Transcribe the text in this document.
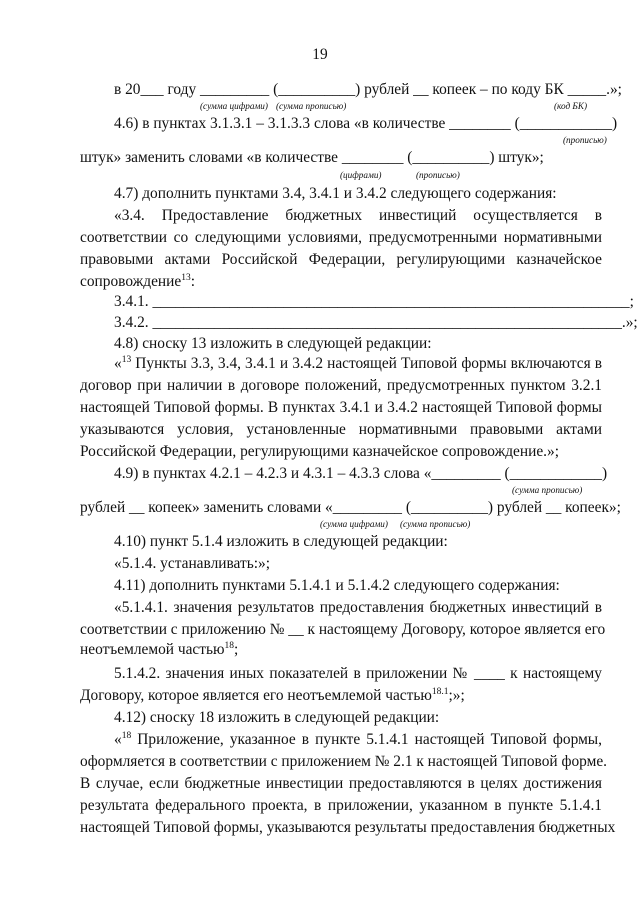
19
в 20___ году _________ (__________) рублей __ копеек – по коду БК _____.»;
(сумма цифрами) (сумма прописью)	(код БК)
4.6) в пунктах 3.1.3.1 – 3.1.3.3 слова «в количестве ________ (____________)
(прописью)
штук» заменить словами «в количестве ________ (__________) штук»;
(цифрами)	(прописью)
4.7) дополнить пунктами 3.4, 3.4.1 и 3.4.2 следующего содержания:
«3.4. Предоставление бюджетных инвестиций осуществляется в
соответствии со следующими условиями, предусмотренными нормативными
правовыми актами Российской Федерации, регулирующими казначейское
сопровождение$^{13}$:
3.4.1. ______________________________________________________________;
3.4.2. _____________________________________________________________.»;
4.8) сноску 13 изложить в следующей редакции:
«$^{13}$ Пункты 3.3, 3.4, 3.4.1 и 3.4.2 настоящей Типовой формы включаются в
договор при наличии в договоре положений, предусмотренных пунктом 3.2.1
настоящей Типовой формы. В пунктах 3.4.1 и 3.4.2 настоящей Типовой формы
указываются условия, установленные нормативными правовыми актами
Российской Федерации, регулирующими казначейское сопровождение.»;
4.9) в пунктах 4.2.1 – 4.2.3 и 4.3.1 – 4.3.3 слова «_________ (____________)
(сумма прописью)
рублей __ копеек» заменить словами «_________ (__________) рублей __ копеек»;
(сумма цифрами) (сумма прописью)
4.10) пункт 5.1.4 изложить в следующей редакции:
«5.1.4. устанавливать:»;
4.11) дополнить пунктами 5.1.4.1 и 5.1.4.2 следующего содержания:
«5.1.4.1. значения результатов предоставления бюджетных инвестиций в
соответствии с приложению № __ к настоящему Договору, которое является его
неотъемлемой частью$^{18}$;
5.1.4.2. значения иных показателей в приложении № ____ к настоящему
Договору, которое является его неотъемлемой частью$^{18.1}$;»;
4.12) сноску 18 изложить в следующей редакции:
«$^{18}$ Приложение, указанное в пункте 5.1.4.1 настоящей Типовой формы,
оформляется в соответствии с приложением № 2.1 к настоящей Типовой форме.
В случае, если бюджетные инвестиции предоставляются в целях достижения
результата федерального проекта, в приложении, указанном в пункте 5.1.4.1
настоящей Типовой формы, указываются результаты предоставления бюджетных
